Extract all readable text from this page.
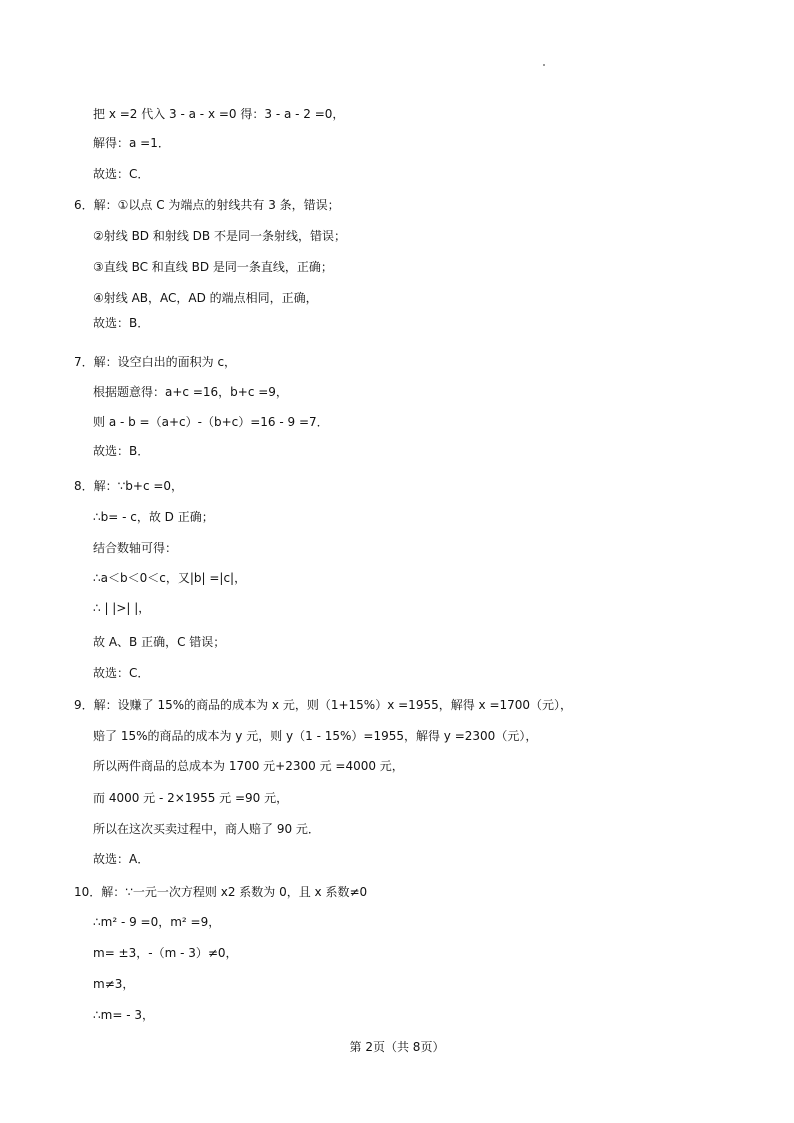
把 x =2 代入 3 - a - x =0 得：3 - a - 2 =0，
解得：a =1．
故选：C．
6．解：①以点 C 为端点的射线共有 3 条，错误；
②射线 BD 和射线 DB 不是同一条射线，错误；
③直线 BC 和直线 BD 是同一条直线，正确；
④射线 AB，AC，AD 的端点相同，正确，
故选：B．
7．解：设空白出的面积为 c，
根据题意得：a+c =16，b+c =9，
则 a - b =（a+c）-（b+c）=16 - 9 =7．
故选：B．
8．解：∵b+c =0，
∴b= - c，故 D 正确；
结合数轴可得：
∴a＜b＜0＜c，又|b| =|c|，
∴ | |>| |，
故 A、B 正确，C 错误；
故选：C．
9．解：设赚了 15%的商品的成本为 x 元，则（1+15%）x =1955，解得 x =1700（元），
赔了 15%的商品的成本为 y 元，则 y（1 - 15%）=1955，解得 y =2300（元），
所以两件商品的总成本为 1700 元+2300 元 =4000 元，
而 4000 元 - 2×1955 元 =90 元，
所以在这次买卖过程中，商人赔了 90 元．
故选：A．
10．解：∵一元一次方程则 x2 系数为 0，且 x 系数≠0
∴m² - 9 =0，m² =9，
m= ±3，-（m - 3）≠0，
m≠3，
∴m= - 3，
第 2页（共 8页）
